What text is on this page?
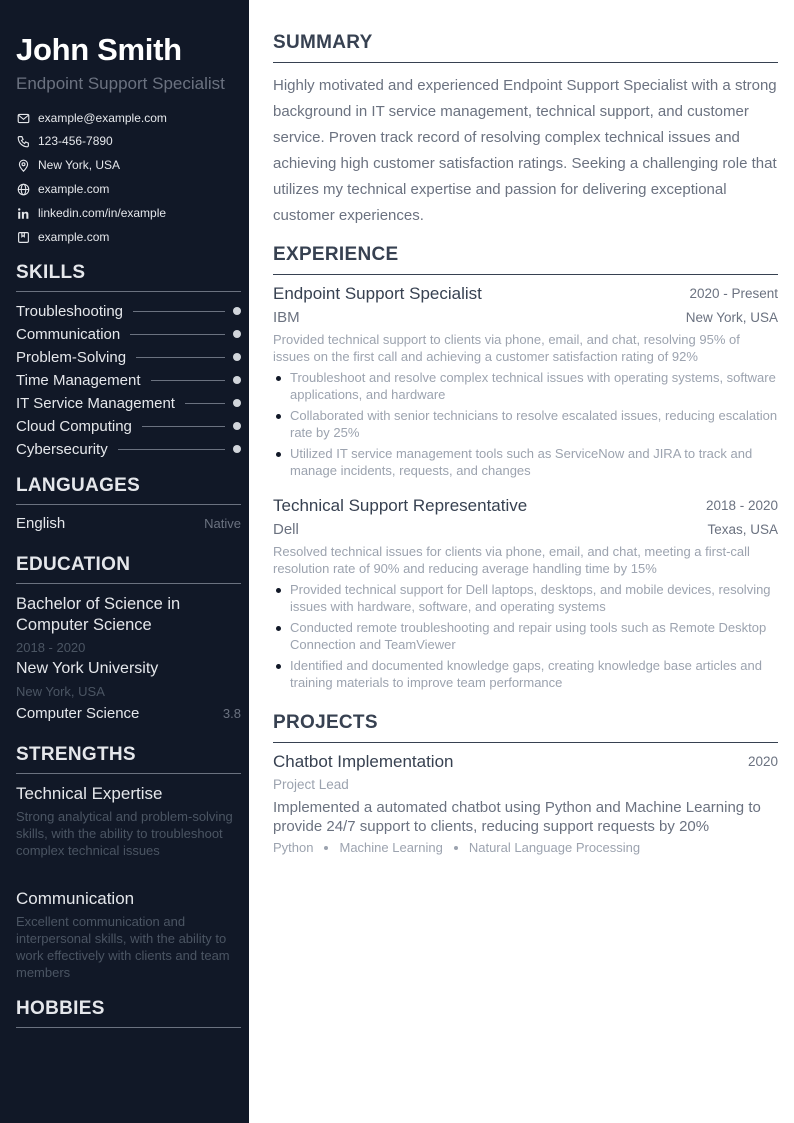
John Smith
Endpoint Support Specialist
example@example.com
123-456-7890
New York, USA
example.com
linkedin.com/in/example
example.com
SKILLS
Troubleshooting
Communication
Problem-Solving
Time Management
IT Service Management
Cloud Computing
Cybersecurity
LANGUAGES
English	Native
EDUCATION
Bachelor of Science in Computer Science
2018 - 2020
New York University
New York, USA
Computer Science	3.8
STRENGTHS
Technical Expertise
Strong analytical and problem-solving skills, with the ability to troubleshoot complex technical issues
Communication
Excellent communication and interpersonal skills, with the ability to work effectively with clients and team members
HOBBIES
SUMMARY

Highly motivated and experienced Endpoint Support Specialist with a strong background in IT service management, technical support, and customer service. Proven track record of resolving complex technical issues and achieving high customer satisfaction ratings. Seeking a challenging role that utilizes my technical expertise and passion for delivering exceptional customer experiences.

EXPERIENCE
Endpoint Support Specialist	2020 - Present
IBM	New York, USA
Provided technical support to clients via phone, email, and chat, resolving 95% of issues on the first call and achieving a customer satisfaction rating of 92%
Troubleshoot and resolve complex technical issues with operating systems, software applications, and hardware
Collaborated with senior technicians to resolve escalated issues, reducing escalation rate by 25%
Utilized IT service management tools such as ServiceNow and JIRA to track and manage incidents, requests, and changes
Technical Support Representative	2018 - 2020
Dell	Texas, USA
Resolved technical issues for clients via phone, email, and chat, meeting a first-call resolution rate of 90% and reducing average handling time by 15%
Provided technical support for Dell laptops, desktops, and mobile devices, resolving issues with hardware, software, and operating systems
Conducted remote troubleshooting and repair using tools such as Remote Desktop Connection and TeamViewer
Identified and documented knowledge gaps, creating knowledge base articles and training materials to improve team performance
PROJECTS
Chatbot Implementation	2020
Project Lead
Implemented a automated chatbot using Python and Machine Learning to provide 24/7 support to clients, reducing support requests by 20%
Python Machine Learning Natural Language Processing
